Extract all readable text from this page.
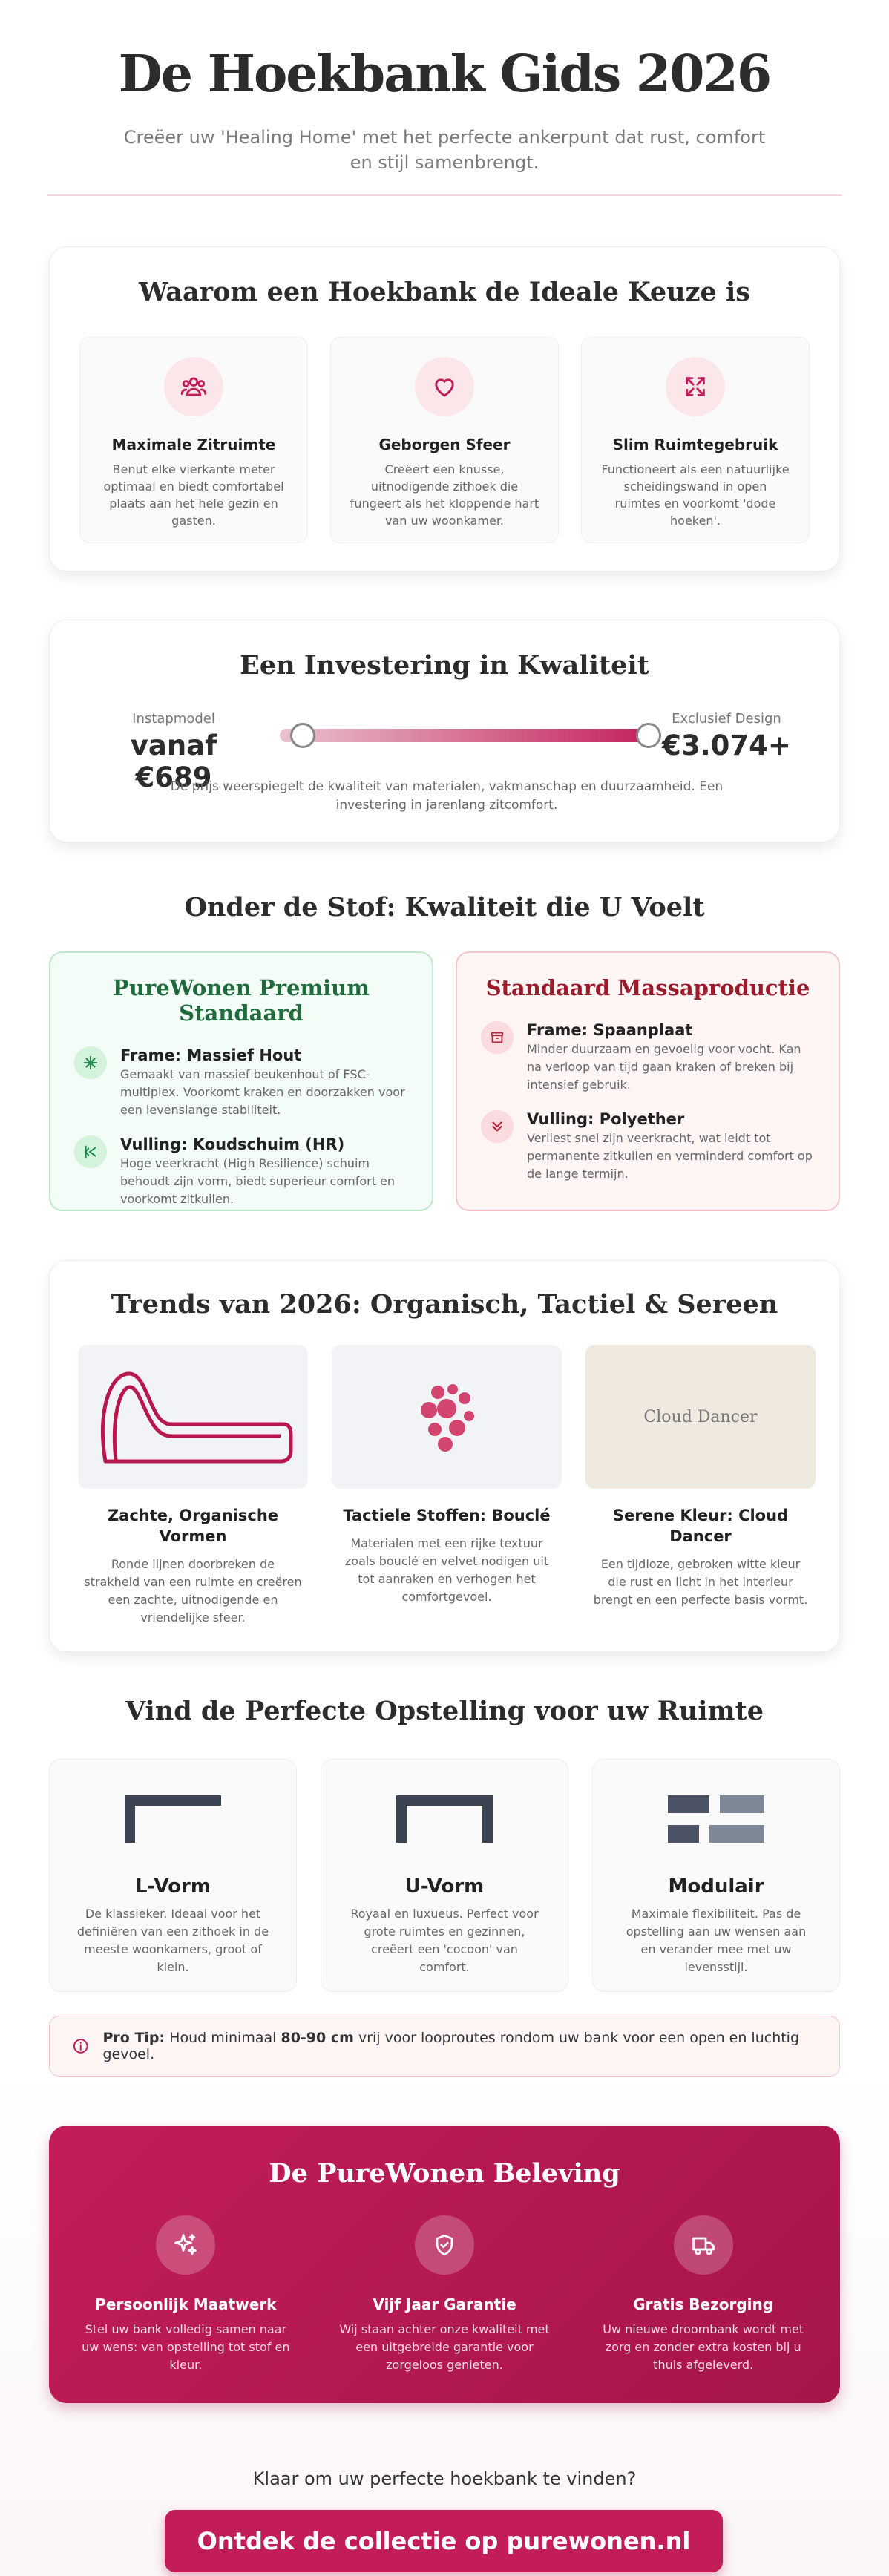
De Hoekbank Gids 2026

Creëer uw 'Healing Home' met het perfecte ankerpunt dat rust, comfort en stijl samenbrengt.

Waarom een Hoekbank de Ideale Keuze is
Maximale Zitruimte

Benut elke vierkante meter optimaal en biedt comfortabel plaats aan het hele gezin en gasten.

Geborgen Sfeer

Creëert een knusse, uitnodigende zithoek die fungeert als het kloppende hart van uw woonkamer.

Slim Ruimtegebruik

Functioneert als een natuurlijke scheidingswand in open ruimtes en voorkomt 'dode hoeken'.

Een Investering in Kwaliteit
Instapmodel
vanaf €689
Exclusief Design
€3.074+

De prijs weerspiegelt de kwaliteit van materialen, vakmanschap en duurzaamheid. Een investering in jarenlang zitcomfort.

Onder de Stof: Kwaliteit die U Voelt
PureWonen Premium Standaard
Frame: Massief Hout

Gemaakt van massief beukenhout of FSC-multiplex. Voorkomt kraken en doorzakken voor een levenslange stabiliteit.

Vulling: Koudschuim (HR)

Hoge veerkracht (High Resilience) schuim behoudt zijn vorm, biedt superieur comfort en voorkomt zitkuilen.

Standaard Massaproductie
Frame: Spaanplaat

Minder duurzaam en gevoelig voor vocht. Kan na verloop van tijd gaan kraken of breken bij intensief gebruik.

Vulling: Polyether

Verliest snel zijn veerkracht, wat leidt tot permanente zitkuilen en verminderd comfort op de lange termijn.

Trends van 2026: Organisch, Tactiel & Sereen
Zachte, Organische Vormen

Ronde lijnen doorbreken de strakheid van een ruimte en creëren een zachte, uitnodigende en vriendelijke sfeer.

Tactiele Stoffen: Bouclé

Materialen met een rijke textuur zoals bouclé en velvet nodigen uit tot aanraken en verhogen het comfortgevoel.

Cloud Dancer
Serene Kleur: Cloud Dancer

Een tijdloze, gebroken witte kleur die rust en licht in het interieur brengt en een perfecte basis vormt.

Vind de Perfecte Opstelling voor uw Ruimte
L-Vorm

De klassieker. Ideaal voor het definiëren van een zithoek in de meeste woonkamers, groot of klein.

U-Vorm

Royaal en luxueus. Perfect voor grote ruimtes en gezinnen, creëert een 'cocoon' van comfort.

Modulair

Maximale flexibiliteit. Pas de opstelling aan uw wensen aan en verander mee met uw levensstijl.

Pro Tip: Houd minimaal 80-90 cm vrij voor looproutes rondom uw bank voor een open en luchtig gevoel.
De PureWonen Beleving
Persoonlijk Maatwerk

Stel uw bank volledig samen naar uw wens: van opstelling tot stof en kleur.

Vijf Jaar Garantie

Wij staan achter onze kwaliteit met een uitgebreide garantie voor zorgeloos genieten.

Gratis Bezorging

Uw nieuwe droombank wordt met zorg en zonder extra kosten bij u thuis afgeleverd.

Klaar om uw perfecte hoekbank te vinden?

Ontdek de collectie op purewonen.nl
